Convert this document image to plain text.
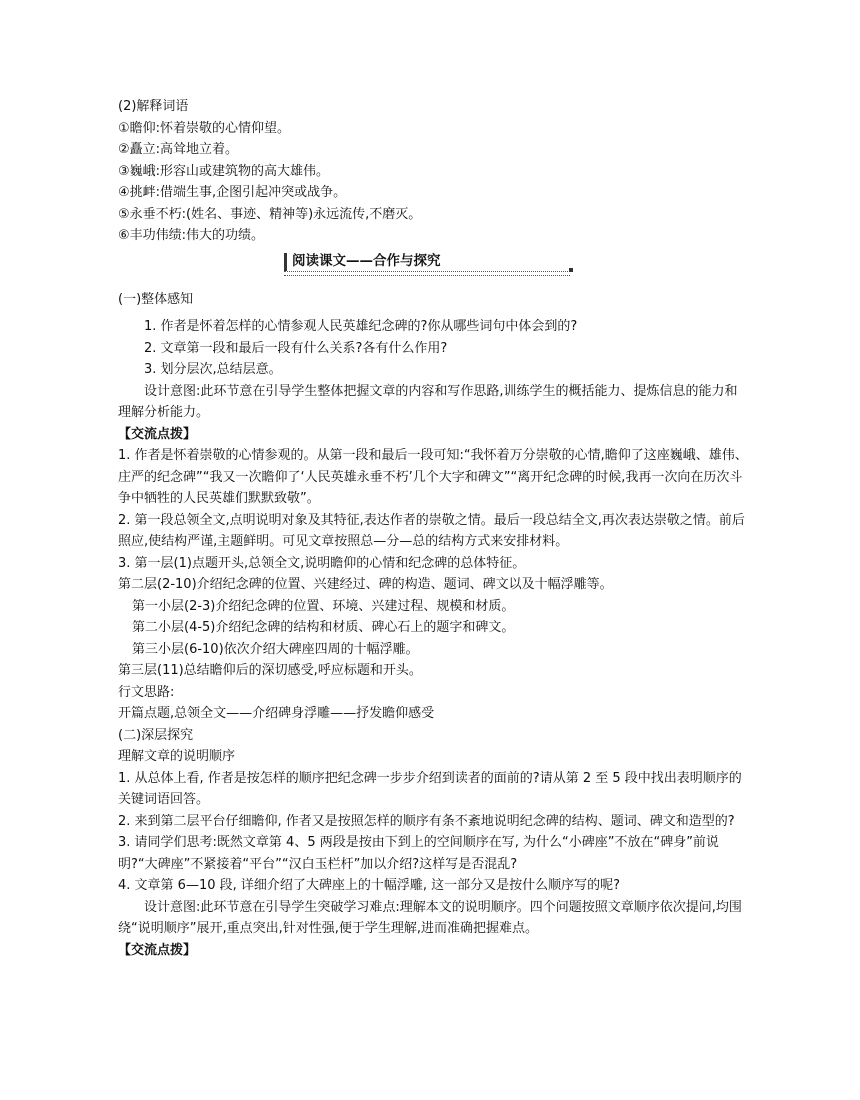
(2)解释词语
①瞻仰:怀着崇敬的心情仰望。
②矗立:高耸地立着。
③巍峨:形容山或建筑物的高大雄伟。
④挑衅:借端生事,企图引起冲突或战争。
⑤永垂不朽:(姓名、事迹、精神等)永远流传,不磨灭。
⑥丰功伟绩:伟大的功绩。
阅读课文——合作与探究
(一)整体感知
1. 作者是怀着怎样的心情参观人民英雄纪念碑的?你从哪些词句中体会到的?
2. 文章第一段和最后一段有什么关系?各有什么作用?
3. 划分层次,总结层意。
设计意图:此环节意在引导学生整体把握文章的内容和写作思路,训练学生的概括能力、提炼信息的能力和理解分析能力。
【交流点拨】
1. 作者是怀着崇敬的心情参观的。从第一段和最后一段可知:“我怀着万分崇敬的心情,瞻仰了这座巍峨、雄伟、庄严的纪念碑”“我又一次瞻仰了‘人民英雄永垂不朽’几个大字和碑文”“离开纪念碑的时候,我再一次向在历次斗争中牺牲的人民英雄们默默致敬”。
2. 第一段总领全文,点明说明对象及其特征,表达作者的崇敬之情。最后一段总结全文,再次表达崇敬之情。前后照应,使结构严谨,主题鲜明。可见文章按照总—分—总的结构方式来安排材料。
3. 第一层(1)点题开头,总领全文,说明瞻仰的心情和纪念碑的总体特征。
第二层(2-10)介绍纪念碑的位置、兴建经过、碑的构造、题词、碑文以及十幅浮雕等。
第一小层(2-3)介绍纪念碑的位置、环境、兴建过程、规模和材质。
第二小层(4-5)介绍纪念碑的结构和材质、碑心石上的题字和碑文。
第三小层(6-10)依次介绍大碑座四周的十幅浮雕。
第三层(11)总结瞻仰后的深切感受,呼应标题和开头。
行文思路:
开篇点题,总领全文——介绍碑身浮雕——抒发瞻仰感受
(二)深层探究
理解文章的说明顺序
1. 从总体上看, 作者是按怎样的顺序把纪念碑一步步介绍到读者的面前的?请从第 2 至 5 段中找出表明顺序的关键词语回答。
2. 来到第二层平台仔细瞻仰, 作者又是按照怎样的顺序有条不紊地说明纪念碑的结构、题词、碑文和造型的?
3. 请同学们思考:既然文章第 4、5 两段是按由下到上的空间顺序在写, 为什么“小碑座”不放在“碑身”前说明?“大碑座”不紧接着“平台”“汉白玉栏杆”加以介绍?这样写是否混乱?
4. 文章第 6—10 段, 详细介绍了大碑座上的十幅浮雕, 这一部分又是按什么顺序写的呢?
设计意图:此环节意在引导学生突破学习难点:理解本文的说明顺序。四个问题按照文章顺序依次提问,均围绕“说明顺序”展开,重点突出,针对性强,便于学生理解,进而准确把握难点。
【交流点拨】
